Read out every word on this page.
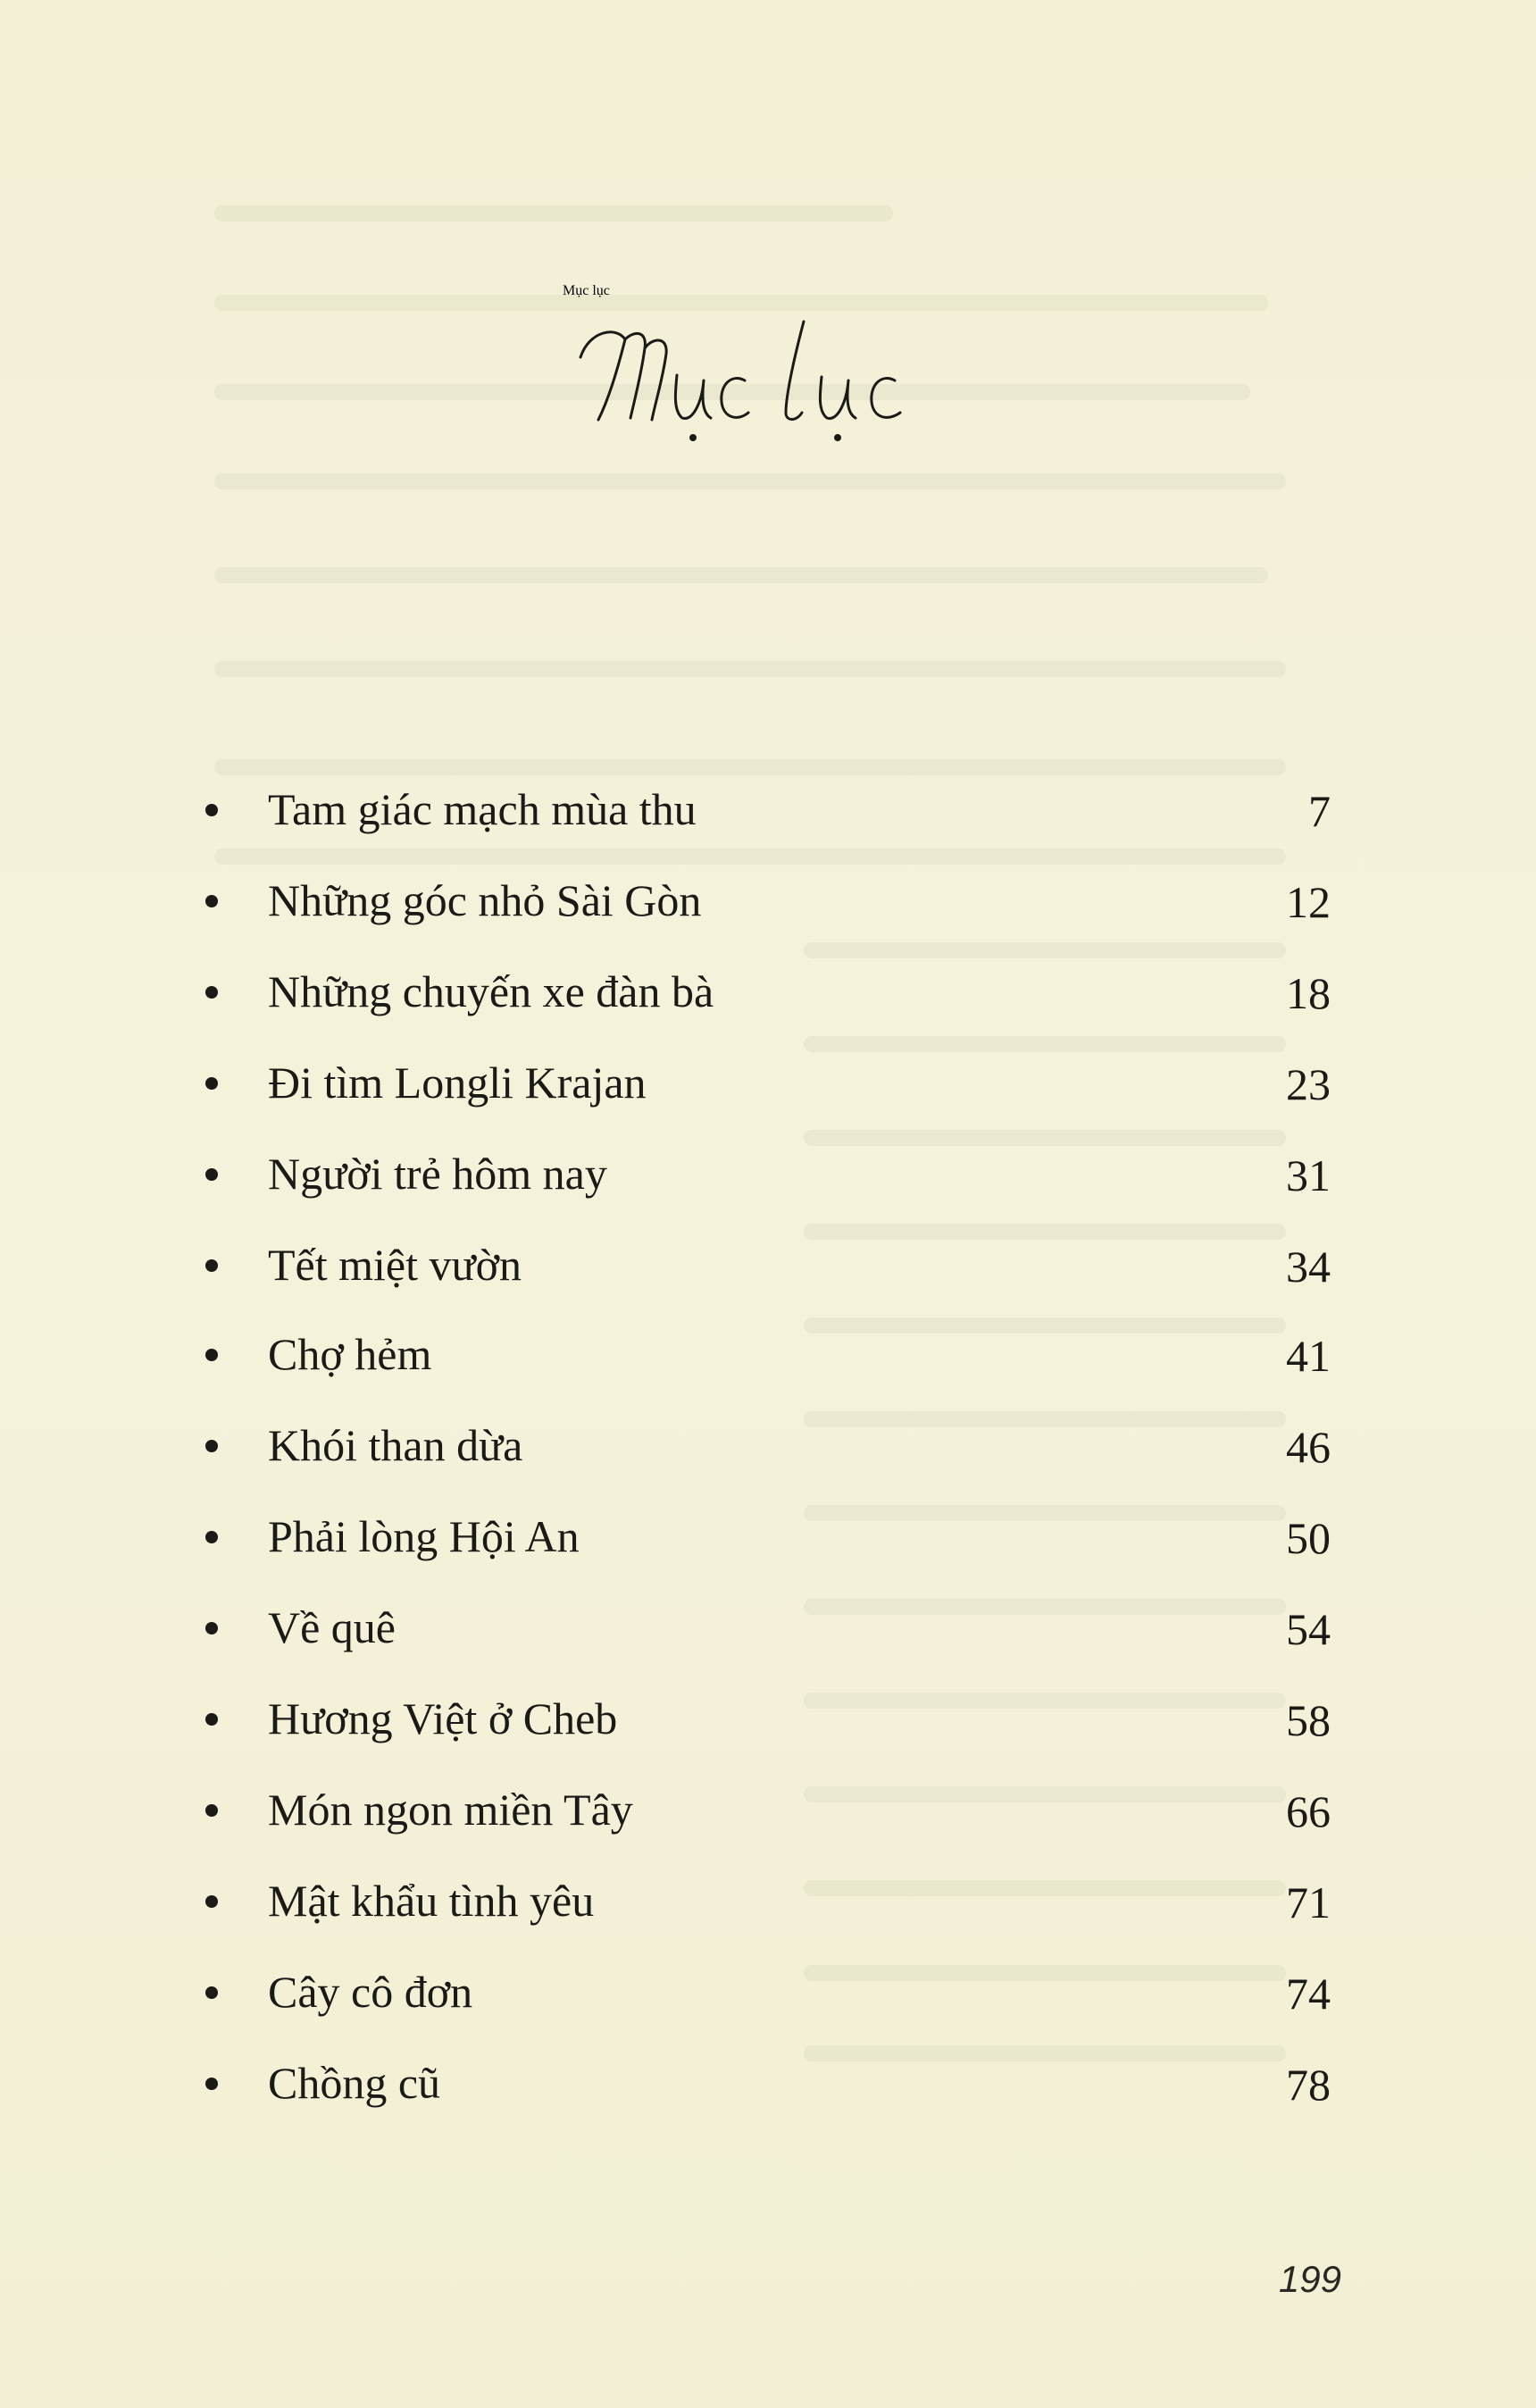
Mục lục
Tam giác mạch mùa thu	7
Những góc nhỏ Sài Gòn	12
Những chuyến xe đàn bà	18
Đi tìm Longli Krajan	23
Người trẻ hôm nay	31
Tết miệt vườn	34
Chợ hẻm	41
Khói than dừa	46
Phải lòng Hội An	50
Về quê	54
Hương Việt ở Cheb	58
Món ngon miền Tây	66
Mật khẩu tình yêu	71
Cây cô đơn	74
Chồng cũ	78
199
